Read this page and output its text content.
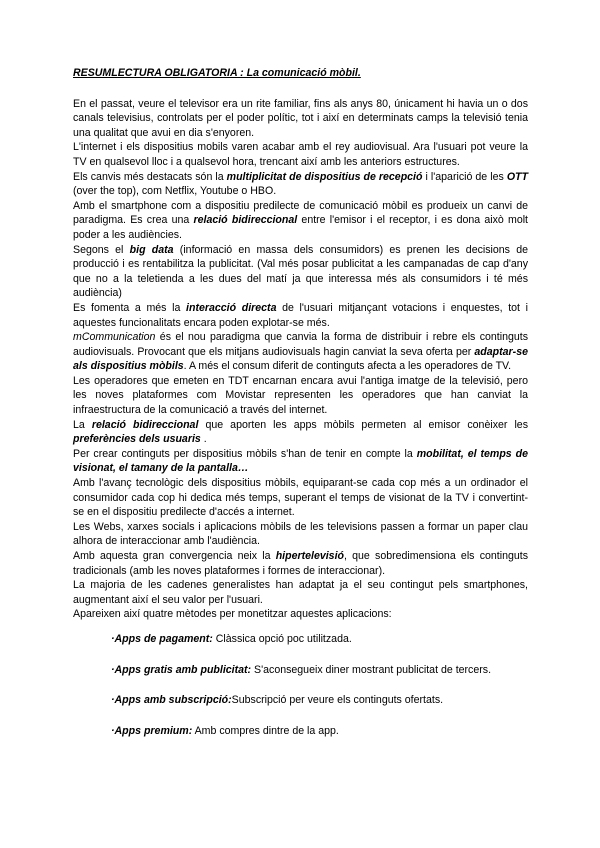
RESUMLECTURA OBLIGATORIA : La comunicació mòbil.

En el passat, veure el televisor era un rite familiar, fins als anys 80, únicament hi havia un o dos canals televisius, controlats per el poder polític, tot i així en determinats camps la televisió tenia una qualitat que avui en dia s'enyoren.

L'internet i els dispositius mobils varen acabar amb el rey audiovisual. Ara l'usuari pot veure la TV en qualsevol lloc i a qualsevol hora, trencant així amb les anteriors estructures.

Els canvis més destacats són la multiplicitat de dispositius de recepció i l'aparició de les OTT (over the top), com Netflix, Youtube o HBO.

Amb el smartphone com a dispositiu predilecte de comunicació mòbil es produeix un canvi de paradigma. Es crea una relació bidireccional entre l'emisor i el receptor, i es dona això molt poder a les audiències.

Segons el big data (informació en massa dels consumidors) es prenen les decisions de producció i es rentabilitza la publicitat. (Val més posar publicitat a les campanadas de cap d'any que no a la teletienda a les dues del matí ja que interessa més als consumidors i té més audiència)

Es fomenta a més la interacció directa de l'usuari mitjançant votacions i enquestes, tot i aquestes funcionalitats encara poden explotar-se més.

mCommunication és el nou paradigma que canvia la forma de distribuir i rebre els continguts audiovisuals. Provocant que els mitjans audiovisuals hagin canviat la seva oferta per adaptar-se als dispositius mòbils. A més el consum diferit de continguts afecta a les operadores de TV.

Les operadores que emeten en TDT encarnan encara avui l'antiga imatge de la televisió, pero les noves plataformes com Movistar representen les operadores que han canviat la infraestructura de la comunicació a través del internet.

La relació bidireccional que aporten les apps mòbils permeten al emisor conèixer les preferències dels usuaris .

Per crear continguts per dispositius mòbils s'han de tenir en compte la mobilitat, el temps de visionat, el tamany de la pantalla…

Amb l'avanç tecnològic dels dispositius mòbils, equiparant-se cada cop més a un ordinador el consumidor cada cop hi dedica més temps, superant el temps de visionat de la TV i convertint-se en el dispositiu predilecte d'accés a internet.

Les Webs, xarxes socials i aplicacions mòbils de les televisions passen a formar un paper clau alhora de interaccionar amb l'audiència.

Amb aquesta gran convergencia neix la hipertelevisió, que sobredimensiona els continguts tradicionals (amb les noves plataformes i formes de interaccionar).

La majoria de les cadenes generalistes han adaptat ja el seu contingut pels smartphones, augmentant així el seu valor per l'usuari.

Apareixen així quatre mètodes per monetitzar aquestes aplicacions:

·Apps de pagament: Clàssica opció poc utilitzada.
·Apps gratis amb publicitat: S'aconsegueix diner mostrant publicitat de tercers.
·Apps amb subscripció:Subscripció per veure els continguts ofertats.
·Apps premium: Amb compres dintre de la app.
